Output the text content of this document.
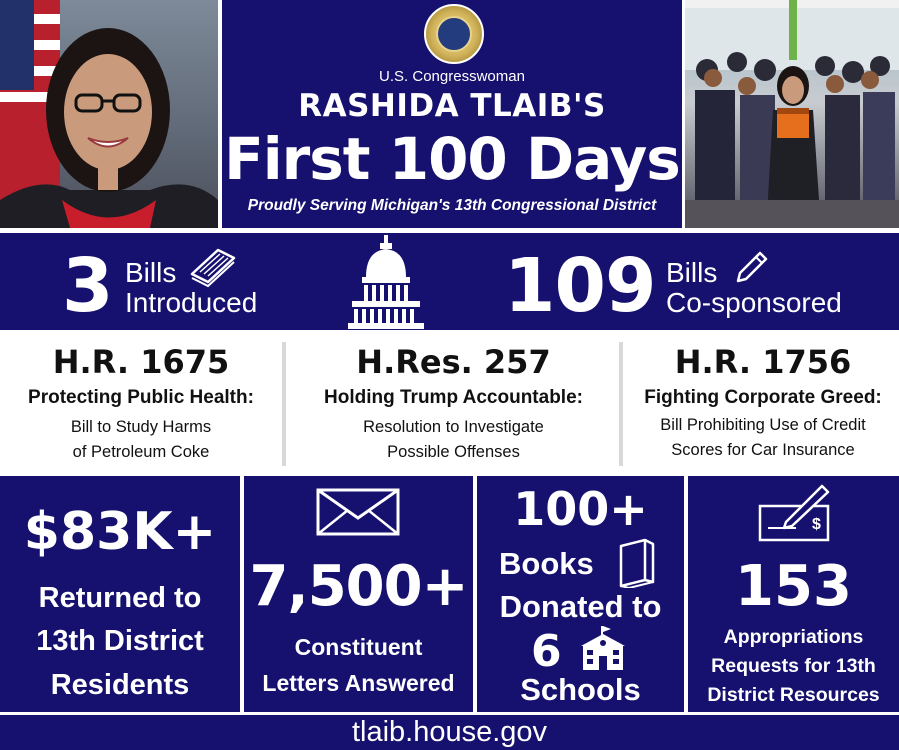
U.S. Congresswoman
RASHIDA TLAIB'S
First 100 Days
Proudly Serving Michigan's 13th Congressional District
3 Bills
Introduced	109 Bills
Co-sponsored
H.R. 1675
Protecting Public Health:
Bill to Study Harms
of Petroleum Coke
H.Res. 257
Holding Trump Accountable:
Resolution to Investigate
Possible Offenses
H.R. 1756
Fighting Corporate Greed:
Bill Prohibiting Use of Credit
Scores for Car Insurance
$83K+
Returned to
13th District
Residents
7,500+
Constituent
Letters Answered
100+
Books
Donated to
6
Schools
$
153
Appropriations
Requests for 13th
District Resources
tlaib.house.gov
